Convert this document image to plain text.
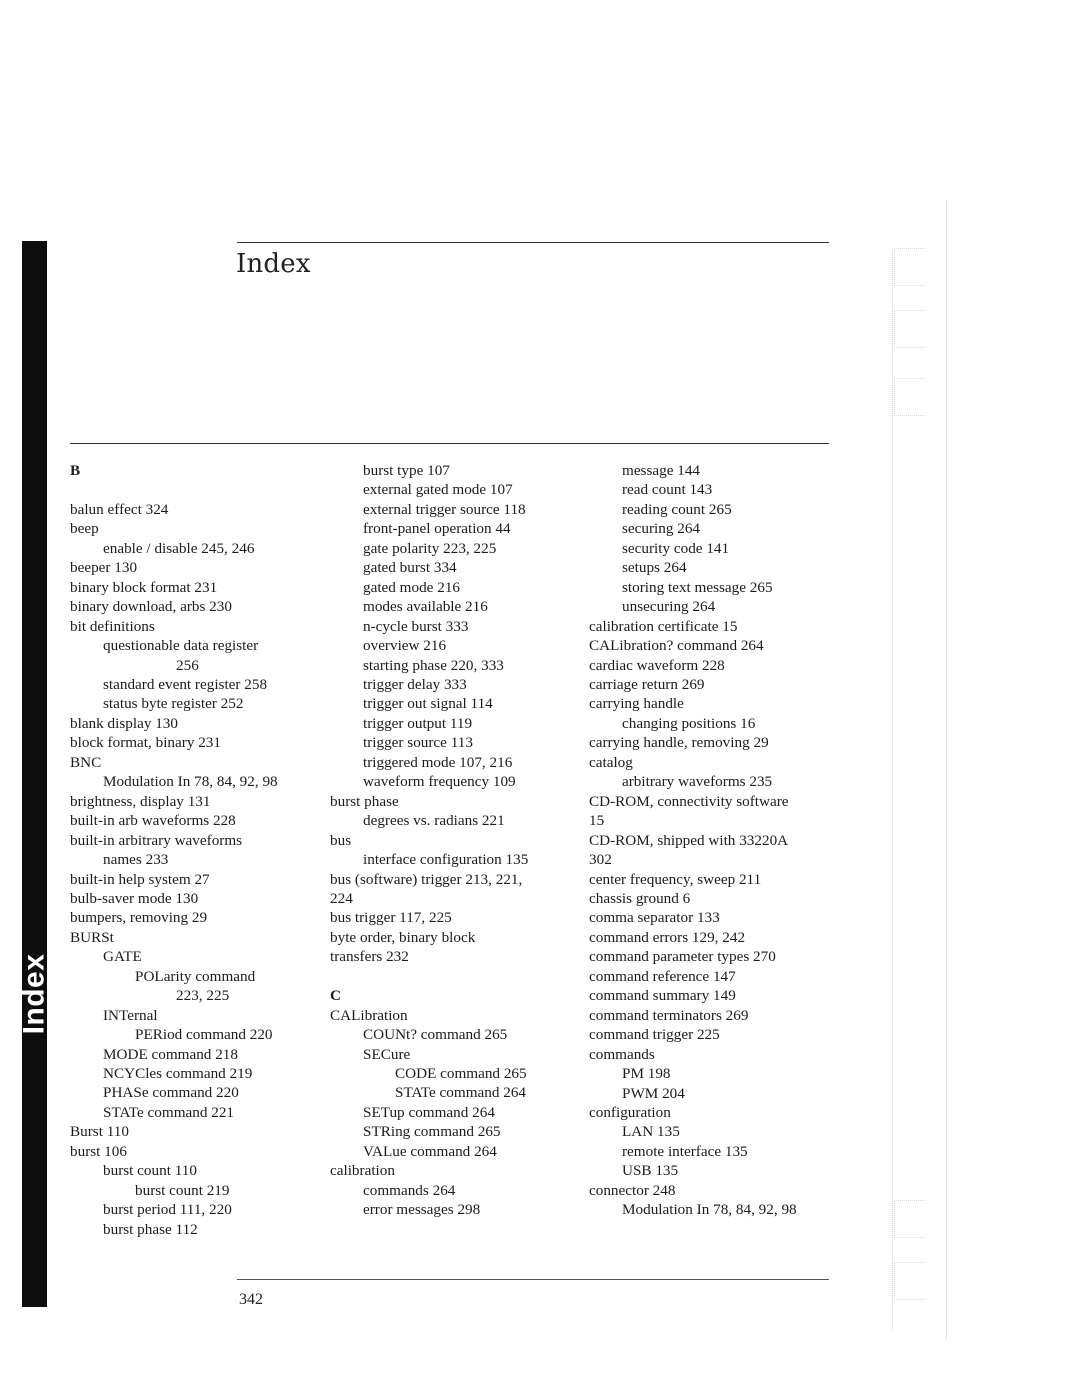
Index
Index
B
balun effect 324
beep
enable / disable 245, 246
beeper 130
binary block format 231
binary download, arbs 230
bit definitions
questionable data register
256
standard event register 258
status byte register 252
blank display 130
block format, binary 231
BNC
Modulation In 78, 84, 92, 98
brightness, display 131
built-in arb waveforms 228
built-in arbitrary waveforms
names 233
built-in help system 27
bulb-saver mode 130
bumpers, removing 29
BURSt
GATE
POLarity command
223, 225
INTernal
PERiod command 220
MODE command 218
NCYCles command 219
PHASe command 220
STATe command 221
Burst 110
burst 106
burst count 110
burst count 219
burst period 111, 220
burst phase 112
burst type 107
external gated mode 107
external trigger source 118
front-panel operation 44
gate polarity 223, 225
gated burst 334
gated mode 216
modes available 216
n-cycle burst 333
overview 216
starting phase 220, 333
trigger delay 333
trigger out signal 114
trigger output 119
trigger source 113
triggered mode 107, 216
waveform frequency 109
burst phase
degrees vs. radians 221
bus
interface configuration 135
bus (software) trigger 213, 221,
224
bus trigger 117, 225
byte order, binary block
transfers 232
C
CALibration
COUNt? command 265
SECure
CODE command 265
STATe command 264
SETup command 264
STRing command 265
VALue command 264
calibration
commands 264
error messages 298
message 144
read count 143
reading count 265
securing 264
security code 141
setups 264
storing text message 265
unsecuring 264
calibration certificate 15
CALibration? command 264
cardiac waveform 228
carriage return 269
carrying handle
changing positions 16
carrying handle, removing 29
catalog
arbitrary waveforms 235
CD-ROM, connectivity software
15
CD-ROM, shipped with 33220A
302
center frequency, sweep 211
chassis ground 6
comma separator 133
command errors 129, 242
command parameter types 270
command reference 147
command summary 149
command terminators 269
command trigger 225
commands
PM 198
PWM 204
configuration
LAN 135
remote interface 135
USB 135
connector 248
Modulation In 78, 84, 92, 98
342
